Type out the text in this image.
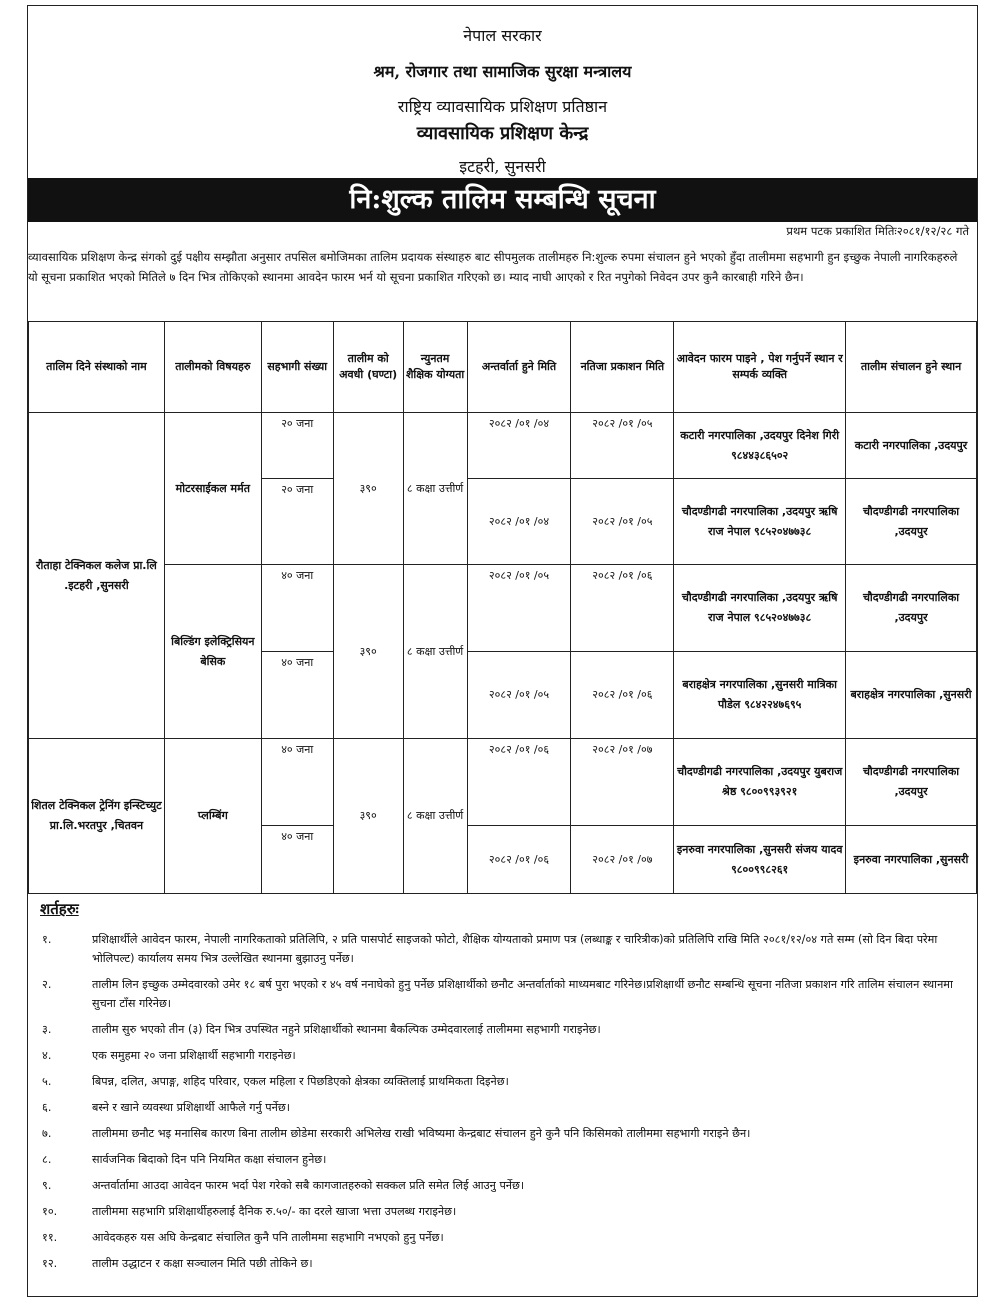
नेपाल सरकार
श्रम, रोजगार तथा सामाजिक सुरक्षा मन्त्रालय
राष्ट्रिय व्यावसायिक प्रशिक्षण प्रतिष्ठान
व्यावसायिक प्रशिक्षण केन्द्र
इटहरी, सुनसरी
नि:शुल्क तालिम सम्बन्धि सूचना
प्रथम पटक प्रकाशित मितिः२०८१/१२/२८ गते
व्यावसायिक प्रशिक्षण केन्द्र संगको दुई पक्षीय सम्झौता अनुसार तपसिल बमोजिमका तालिम प्रदायक संस्थाहरु बाट सीपमुलक तालीमहरु नि:शुल्क रुपमा संचालन हुने भएको हुँदा तालीममा सहभागी हुन इच्छुक नेपाली नागरिकहरुले यो सूचना प्रकाशित भएको मितिले ७ दिन भित्र तोकिएको स्थानमा आवदेन फारम भर्न यो सूचना प्रकाशित गरिएको छ। म्याद नाघी आएको र रित नपुगेको निवेदन उपर कुनै कारबाही गरिने छैन।
तालिम दिने संस्थाको नाम	तालीमको विषयहरु	सहभागी संख्या	तालीम को अवधी (घण्टा)	न्युनतम शैक्षिक योग्यता	अन्तर्वार्ता हुने मिति	नतिजा प्रकाशन मिति	आवेदन फारम पाइने , पेश गर्नुपर्ने स्थान र सम्पर्क व्यक्ति	तालीम संचालन हुने स्थान
रौताहा टेक्निकल कलेज प्रा.लि .इटहरी ,सुनसरी	मोटरसाईकल मर्मत	२० जना	३९०	८ कक्षा उत्तीर्ण	२०८२ /०१ /०४	२०८२ /०१ /०५	कटारी नगरपालिका ,उदयपुर दिनेश गिरी ९८४४३८६५०२	कटारी नगरपालिका ,उदयपुर
		२० जना			२०८२ /०१ /०४	२०८२ /०१ /०५	चौदण्डीगढी नगरपालिका ,उदयपुर ऋषि राज नेपाल ९८५२०४७७३८	चौदण्डीगढी नगरपालिका ,उदयपुर
	बिल्डिंग इलेक्ट्रिसियन बेसिक	४० जना	३९०	८ कक्षा उत्तीर्ण	२०८२ /०१ /०५	२०८२ /०१ /०६	चौदण्डीगढी नगरपालिका ,उदयपुर ऋषि राज नेपाल ९८५२०४७७३८	चौदण्डीगढी नगरपालिका ,उदयपुर
		४० जना			२०८२ /०१ /०५	२०८२ /०१ /०६	बराहक्षेत्र नगरपालिका ,सुनसरी मात्रिका पौडेल ९८४२२४७६९५	बराहक्षेत्र नगरपालिका ,सुनसरी
शितल टेक्निकल ट्रेनिंग इन्स्टिच्युट प्रा.लि.भरतपुर ,चितवन	प्लम्बिंग	४० जना	३९०	८ कक्षा उत्तीर्ण	२०८२ /०१ /०६	२०८२ /०१ /०७	चौदण्डीगढी नगरपालिका ,उदयपुर युबराज श्रेष्ठ ९८००९९३९२१	चौदण्डीगढी नगरपालिका ,उदयपुर
		४० जना			२०८२ /०१ /०६	२०८२ /०१ /०७	इनरुवा नगरपालिका ,सुनसरी संजय यादव ९८००९९८२६१	इनरुवा नगरपालिका ,सुनसरी
शर्तहरुः
१.	प्रशिक्षार्थीले आवेदन फारम, नेपाली नागरिकताको प्रतिलिपि, २ प्रति पासपोर्ट साइजको फोटो, शैक्षिक योग्यताको प्रमाण पत्र (लब्धाङ्क र चारित्रीक)को प्रतिलिपि राखि मिति २०८१/१२/०४ गते सम्म (सो दिन बिदा परेमा भोलिपल्ट) कार्यालय समय भित्र उल्लेखित स्थानमा बुझाउनु पर्नेछ।
२.	तालीम लिन इच्छुक उम्मेदवारको उमेर १८ बर्ष पुरा भएको र ४५ वर्ष ननाघेको हुनु पर्नेछ प्रशिक्षार्थीको छनौट अन्तर्वार्ताको माध्यमबाट गरिनेछ।प्रशिक्षार्थी छनौट सम्बन्धि सूचना नतिजा प्रकाशन गरि तालिम संचालन स्थानमा सुचना टाँस गरिनेछ।
३.	तालीम सुरु भएको तीन (३) दिन भित्र उपस्थित नहुने प्रशिक्षार्थीको स्थानमा बैकल्पिक उम्मेदवारलाई तालीममा सहभागी गराइनेछ।
४.	एक समुहमा २० जना प्रशिक्षार्थी सहभागी गराइनेछ।
५.	बिपन्न, दलित, अपाङ्ग, शहिद परिवार, एकल महिला र पिछडिएको क्षेत्रका व्यक्तिलाई प्राथमिकता दिइनेछ।
६.	बस्ने र खाने व्यवस्था प्रशिक्षार्थी आफैले गर्नु पर्नेछ।
७.	तालीममा छनौट भइ मनासिब कारण बिना तालीम छोडेमा सरकारी अभिलेख राखी भविष्यमा केन्द्रबाट संचालन हुने कुनै पनि किसिमको तालीममा सहभागी गराइने छैन।
८.	सार्वजनिक बिदाको दिन पनि नियमित कक्षा संचालन हुनेछ।
९.	अन्तर्वार्तामा आउदा आवेदन फारम भर्दा पेश गरेको सबै कागजातहरुको सक्कल प्रति समेत लिई आउनु पर्नेछ।
१०.	तालीममा सहभागि प्रशिक्षार्थीहरुलाई दैनिक रु.५०/- का दरले खाजा भत्ता उपलब्ध गराइनेछ।
११.	आवेदकहरु यस अघि केन्द्रबाट संचालित कुनै पनि तालीममा सहभागि नभएको हुनु पर्नेछ।
१२.	तालीम उद्धाटन र कक्षा सञ्चालन मिति पछी तोकिने छ।
